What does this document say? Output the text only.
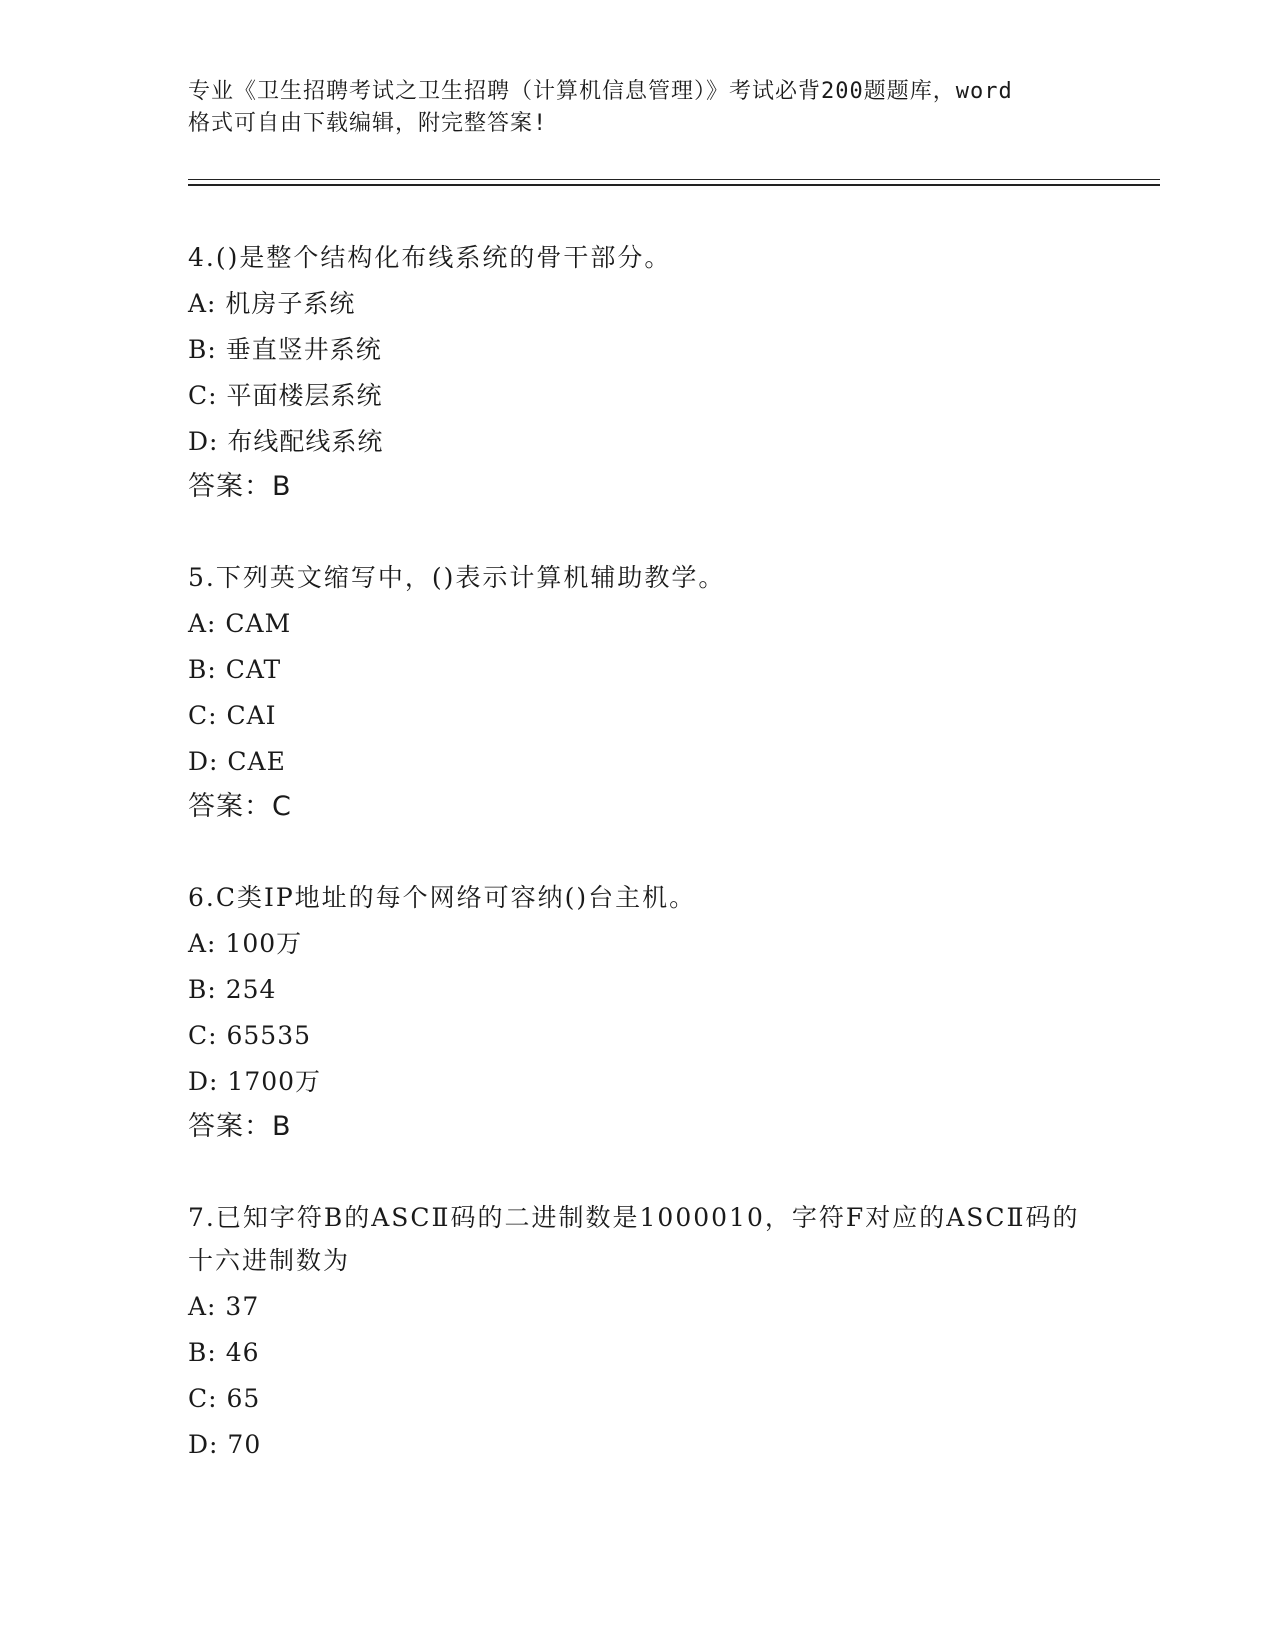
专业《卫生招聘考试之卫生招聘（计算机信息管理）》考试必背200题题库，word
格式可自由下载编辑，附完整答案!
4.()是整个结构化布线系统的骨干部分。
A: 机房子系统
B: 垂直竖井系统
C: 平面楼层系统
D: 布线配线系统
答案：B
5.下列英文缩写中，()表示计算机辅助教学。
A: CAM
B: CAT
C: CAI
D: CAE
答案：C
6.C类IP地址的每个网络可容纳()台主机。
A: 100万
B: 254
C: 65535
D: 1700万
答案：B
7.已知字符B的ASCⅡ码的二进制数是1000010，字符F对应的ASCⅡ码的十六进制数为
A: 37
B: 46
C: 65
D: 70
